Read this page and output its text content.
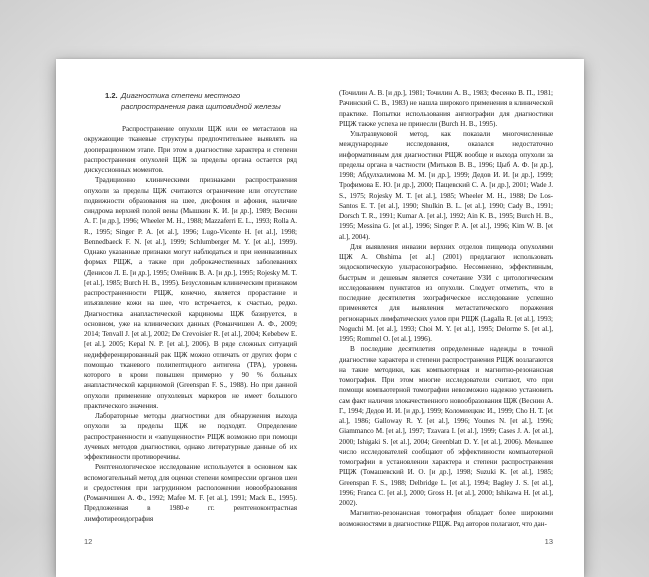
1.2. Диагностика степени местного распространения рака щитовидной железы

Распространение опухоли ЩЖ или ее метастазов на окружающие тканевые структуры предпочтительнее выявлять на дооперационном этапе. При этом в диагностике характера и степени распространения опухолей ЩЖ за пределы органа остается ряд дискуссионных моментов.

Традиционно клиническими признаками распространения опухоли за пределы ЩЖ считаются ограничение или отсутствие подвижности образования на шее, дисфония и афония, наличие синдрома верхней полой вены (Мышкин К. И. [и др.], 1989; Веснин А. Г. [и др.], 1996; Wheeler M. H., 1988; Mazzaferri E. L., 1993; Rolla A. R., 1995; Singer P. A. [et al.], 1996; Lugo-Vicente H. [et al.], 1998; Bennedbaeck F. N. [et al.], 1999; Schlumberger M. Y. [et al.], 1999). Однако указанные признаки могут наблюдаться и при неинвазивных формах РЩЖ, а также при доброкачественных заболеваниях (Денисов Л. Е. [и др.], 1995; Олейник В. А. [и др.], 1995; Rojesky M. T. [et al.], 1985; Burch H. B., 1995). Безусловным клиническим признаком распространенности РЩЖ, конечно, является прорастание и изъязвление кожи на шее, что встречается, к счастью, редко. Диагностика анапластической карциномы ЩЖ базируется, в основном, уже на клинических данных (Романчишен А. Ф., 2009; 2014; Tenvall J. [et al.], 2002; De Crevoisier R. [et al.], 2004; Kebebew E. [et al.], 2005; Kepal N. P. [et al.], 2006). В ряде сложных ситуаций недифференцированный рак ЩЖ можно отличать от других форм с помощью тканевого полипептидного антигена (ТРА), уровень которого в крови повышен примерно у 90 % больных анапластической карциномой (Greenspan F. S., 1988). Но при данной опухоли применение опухолевых маркеров не имеет большого практического значения.

Лабораторные методы диагностики для обнаружения выхода опухоли за пределы ЩЖ не подходят. Определение распространенности и «запущенности» РЩЖ возможно при помощи лучевых методов диагностики, однако литературные данные об их эффективности противоречивы.

Рентгенологическое исследование используется в основном как вспомогательный метод для оценки степени компрессии органов шеи и средостения при загрудинном расположении новообразования (Романчишен А. Ф., 1992; Mafee M. F. [et al.], 1991; Mack E., 1995). Предложенная в 1980-е гг. рентгеноконтрастная лимфотиреоидография

12

(Точилин А. В. [и др.], 1981; Точилин А. В., 1983; Фесенко В. П., 1981; Рачинский С. В., 1983) не нашла широкого применения в клинической практике. Попытки использования ангиографии для диагностики РЩЖ также успеха не принесли (Burch H. B., 1995).

Ультразвуковой метод, как показали многочисленные международные исследования, оказался недостаточно информативным для диагностики РЩЖ вообще и выхода опухоли за пределы органа в частности (Митьков В. В., 1996; Цыб А. Ф. [и др.], 1998; Абдулхалимова М. М. [и др.], 1999; Дедов И. И. [и др.], 1999; Трофимова Е. Ю. [и др.], 2000; Пащевский С. А. [и др.], 2001; Wade J. S., 1975; Rojesky M. T. [et al.], 1985; Wheeler M. H., 1988; De Los-Santos E. T. [et al.], 1990; Shulkin B. L. [et al.], 1990; Cady B., 1991; Dorsch T. R., 1991; Kumar A. [et al.], 1992; Ain K. B., 1995; Burch H. B., 1995; Messina G. [et al.], 1996; Singer P. A. [et al.], 1996; Kim W. B. [et al.], 2004).

Для выявления инвазии верхних отделов пищевода опухолями ЩЖ A. Ohshima [et al.] (2001) предлагают использовать эндоскопическую ультрасонографию. Несомненно, эффективным, быстрым и дешевым является сочетание УЗИ с цитологическим исследованием пунктатов из опухоли. Следует отметить, что в последние десятилетия эхографическое исследование успешно применяется для выявления метастатического поражения регионарных лимфатических узлов при РЩЖ (Lagalla R. [et al.], 1993; Noguchi M. [et al.], 1993; Choi M. Y. [et al.], 1995; Delorme S. [et al.], 1995; Rommel O. [et al.], 1996).

В последние десятилетия определенные надежды в точной диагностике характера и степени распространения РЩЖ возлагаются на такие методики, как компьютерная и магнитно-резонансная томография. При этом многие исследователи считают, что при помощи компьютерной томографии невозможно надежно установить сам факт наличия злокачественного новообразования ЩЖ (Веснин А. Г., 1994; Дедов И. И. [и др.], 1999; Коломиецкис И., 1999; Cho H. T. [et al.], 1986; Galloway R. Y. [et al.], 1996; Younes N. [et al.], 1996; Giammanco M. [et al.], 1997; Tzavara I. [et al.], 1999; Cases J. A. [et al.], 2000; Ishigaki S. [et al.], 2004; Greenblatt D. Y. [et al.], 2006). Меньшее число исследователей сообщают об эффективности компьютерной томографии в установлении характера и степени распространения РЩЖ (Томашевский И. О. [и др.], 1998; Suzuki K. [et al.], 1985; Greenspan F. S., 1988; Delbridge L. [et al.], 1994; Bagley J. S. [et al.], 1996; Franca C. [et al.], 2000; Gross H. [et al.], 2000; Ishikawa H. [et al.], 2002).

Магнитно-резонансная томография обладает более широкими возможностями в диагностике РЩЖ. Ряд авторов полагают, что дан-

13
